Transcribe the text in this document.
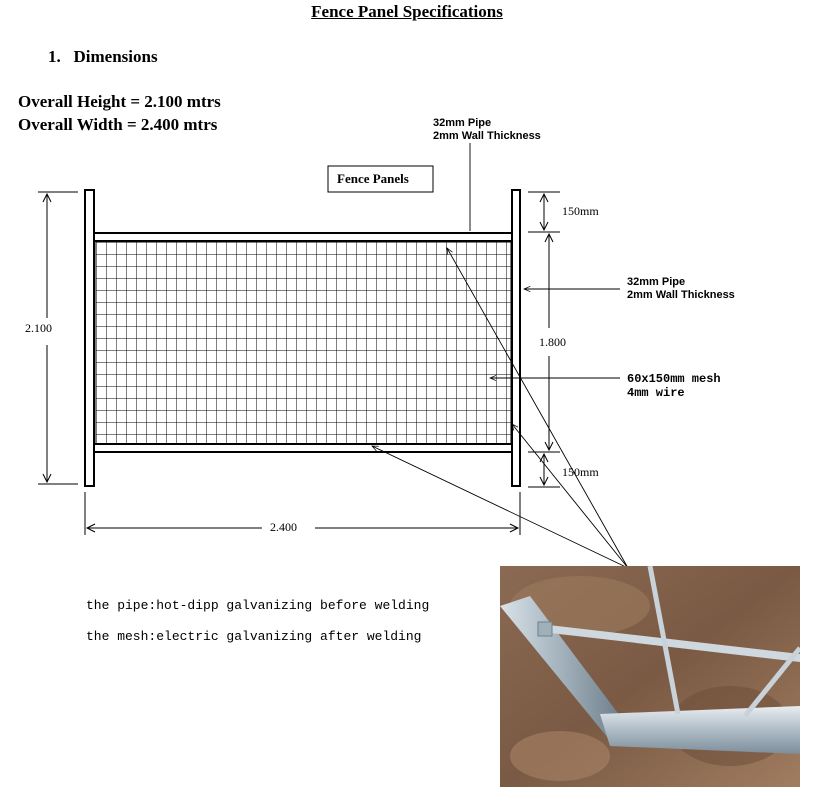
Fence Panel Specifications
1. Dimensions
Overall Height = 2.100 mtrs
Overall Width = 2.400 mtrs
Fence Panels
32mm Pipe
2mm Wall Thickness
32mm Pipe
2mm Wall Thickness
60x150mm mesh
4mm wire
150mm
1.800
150mm
2.100
2.400
the pipe:hot-dipp galvanizing before welding
the mesh:electric galvanizing after welding
